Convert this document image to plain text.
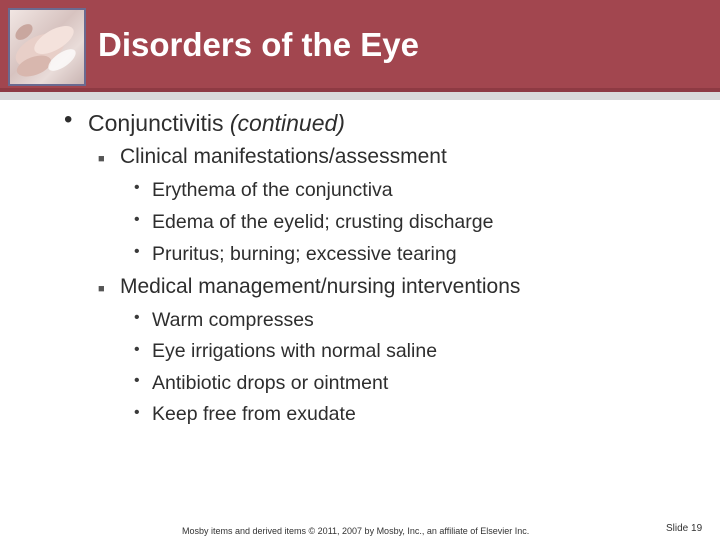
Disorders of the Eye
• Conjunctivitis (continued)
■ Clinical manifestations/assessment
• Erythema of the conjunctiva
• Edema of the eyelid; crusting discharge
• Pruritus; burning; excessive tearing
■ Medical management/nursing interventions
• Warm compresses
• Eye irrigations with normal saline
• Antibiotic drops or ointment
• Keep free from exudate
Mosby items and derived items © 2011, 2007 by Mosby, Inc., an affiliate of Elsevier Inc.	Slide 19
